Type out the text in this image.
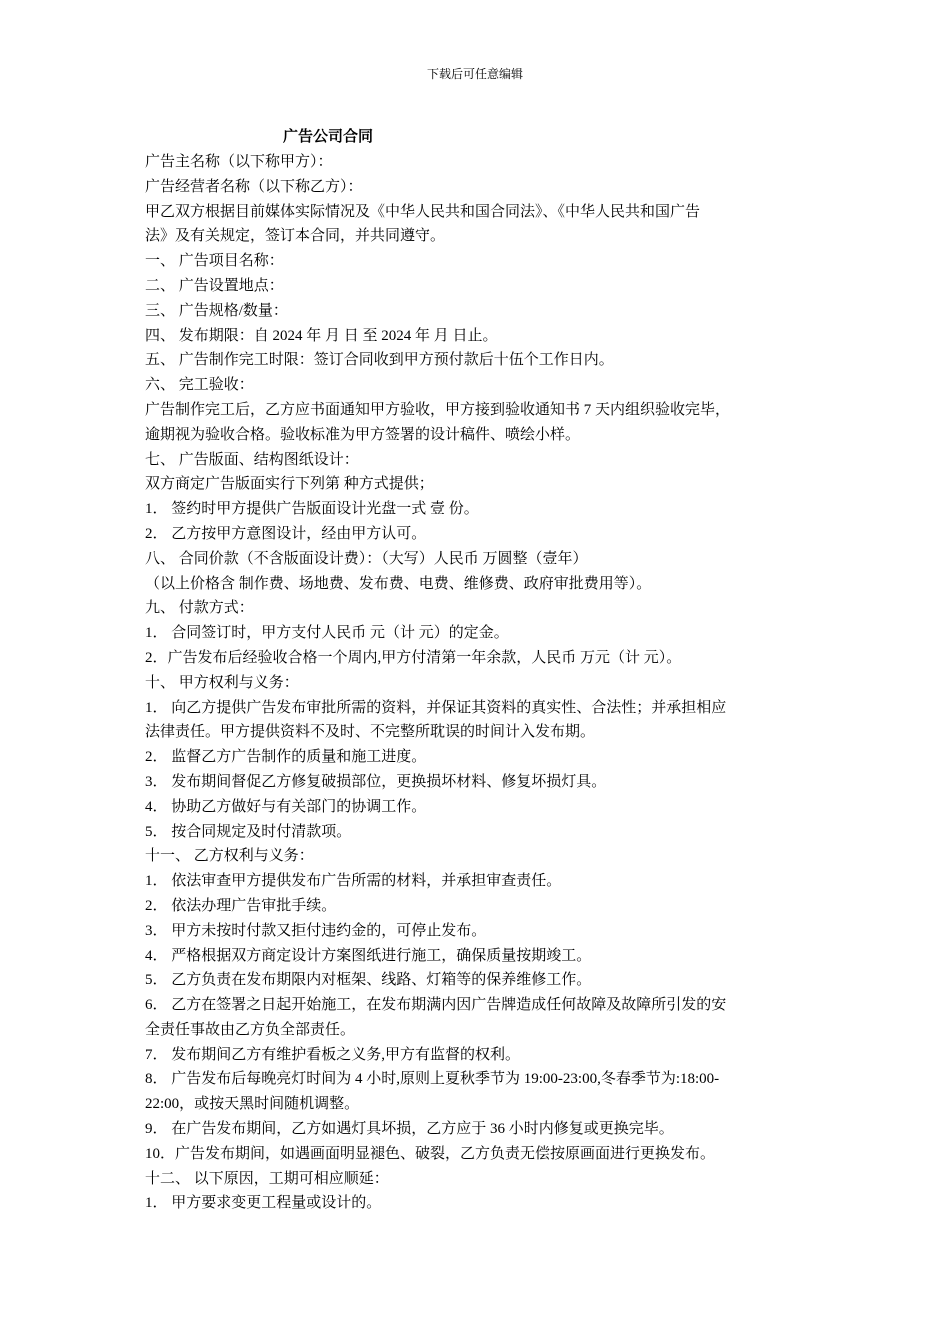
下载后可任意编辑
广告公司合同
广告主名称（以下称甲方）：
广告经营者名称（以下称乙方）：
甲乙双方根据目前媒体实际情况及《中华人民共和国合同法》、《中华人民共和国广告
法》及有关规定，签订本合同，并共同遵守。
一、 广告项目名称：
二、 广告设置地点：
三、 广告规格/数量：
四、 发布期限：自 2024 年 月 日 至 2024 年 月 日止。
五、 广告制作完工时限：签订合同收到甲方预付款后十伍个工作日内。
六、 完工验收：
广告制作完工后，乙方应书面通知甲方验收，甲方接到验收通知书 7 天内组织验收完毕，
逾期视为验收合格。验收标准为甲方签署的设计稿件、喷绘小样。
七、 广告版面、结构图纸设计：
双方商定广告版面实行下列第 种方式提供；
1． 签约时甲方提供广告版面设计光盘一式 壹 份。
2． 乙方按甲方意图设计，经由甲方认可。
八、 合同价款（不含版面设计费）：（大写）人民币 万圆整（壹年）
（以上价格含 制作费、场地费、发布费、电费、维修费、政府审批费用等）。
九、 付款方式：
1． 合同签订时，甲方支付人民币 元（计 元）的定金。
2．广告发布后经验收合格一个周内,甲方付清第一年余款，人民币 万元（计 元）。
十、 甲方权利与义务：
1． 向乙方提供广告发布审批所需的资料，并保证其资料的真实性、合法性；并承担相应
法律责任。甲方提供资料不及时、不完整所耽误的时间计入发布期。
2． 监督乙方广告制作的质量和施工进度。
3． 发布期间督促乙方修复破损部位，更换损坏材料、修复坏损灯具。
4． 协助乙方做好与有关部门的协调工作。
5． 按合同规定及时付清款项。
十一、 乙方权利与义务：
1． 依法审查甲方提供发布广告所需的材料，并承担审查责任。
2． 依法办理广告审批手续。
3． 甲方未按时付款又拒付违约金的，可停止发布。
4． 严格根据双方商定设计方案图纸进行施工，确保质量按期竣工。
5． 乙方负责在发布期限内对框架、线路、灯箱等的保养维修工作。
6． 乙方在签署之日起开始施工，在发布期满内因广告牌造成任何故障及故障所引发的安
全责任事故由乙方负全部责任。
7． 发布期间乙方有维护看板之义务,甲方有监督的权利。
8． 广告发布后每晚亮灯时间为 4 小时,原则上夏秋季节为 19:00-23:00,冬春季节为:18:00-
22:00，或按天黑时间随机调整。
9． 在广告发布期间，乙方如遇灯具坏损，乙方应于 36 小时内修复或更换完毕。
10．广告发布期间，如遇画面明显褪色、破裂，乙方负责无偿按原画面进行更换发布。
十二、 以下原因，工期可相应顺延：
1． 甲方要求变更工程量或设计的。
